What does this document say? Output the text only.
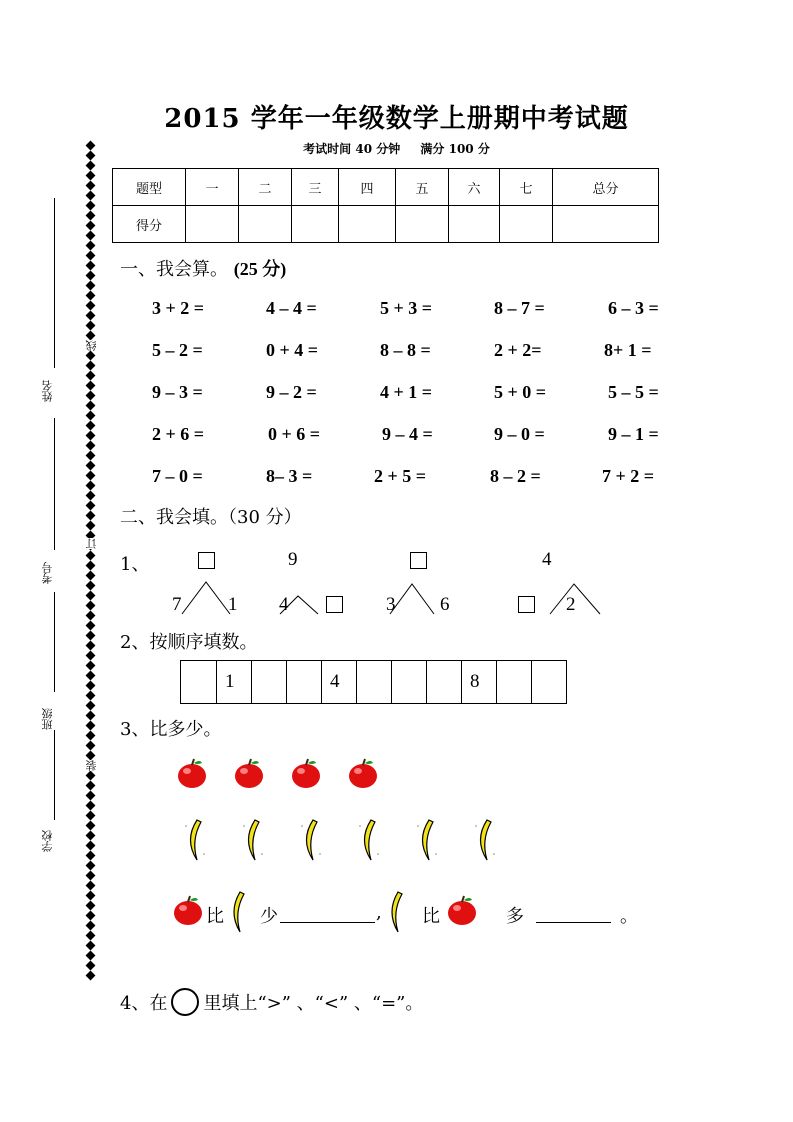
2015 学年一年级数学上册期中考试题
考试时间 40 分钟 满分 100 分
线
订
装
姓名
考号
班级
学校
题型	一	二	三	四	五	六	七	总分
得分								
一、我会算。 (25 分)
3 + 2 =	4 – 4 =	5 + 3 =	8 – 7 =	6 – 3 =
5 – 2 =	0 + 4 =	8 – 8 =	2 + 2=	8+ 1 =
9 – 3 =	9 – 2 =	4 + 1 =	5 + 0 =	5 – 5 =
2 + 6 =	0 + 6 =	9 – 4 =	9 – 0 =	9 – 1 =
7 – 0 =	8– 3 =	2 + 5 =	8 – 2 =	7 + 2 =
二、我会填。（30 分）
1、	9	4
7 1 4	3 6	2
2、按顺序填数。
1	4	8
3、比多少。
比 少	, 比	多	。
4、在 里填上“>” 、“<” 、“=”。
